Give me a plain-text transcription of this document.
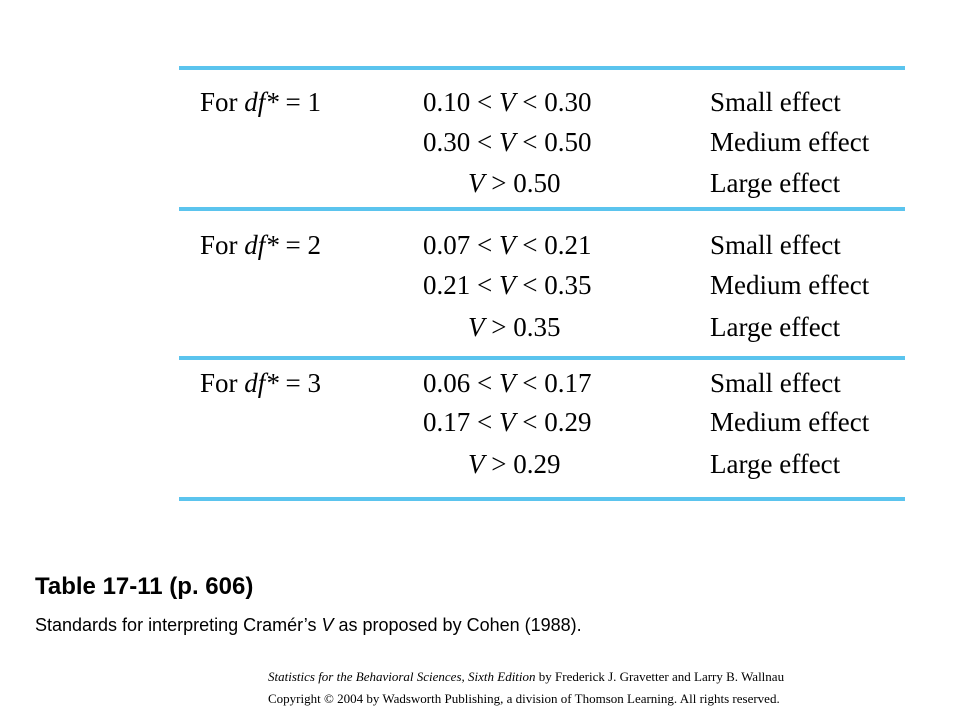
For df* = 1	0.10 < V < 0.30	Small effect
0.30 < V < 0.50	Medium effect
V > 0.50	Large effect
For df* = 2	0.07 < V < 0.21	Small effect
0.21 < V < 0.35	Medium effect
V > 0.35	Large effect
For df* = 3	0.06 < V < 0.17	Small effect
0.17 < V < 0.29	Medium effect
V > 0.29	Large effect
Table 17-11 (p. 606)
Standards for interpreting Cramér’s V as proposed by Cohen (1988).
Statistics for the Behavioral Sciences, Sixth Edition by Frederick J. Gravetter and Larry B. Wallnau
Copyright © 2004 by Wadsworth Publishing, a division of Thomson Learning. All rights reserved.
